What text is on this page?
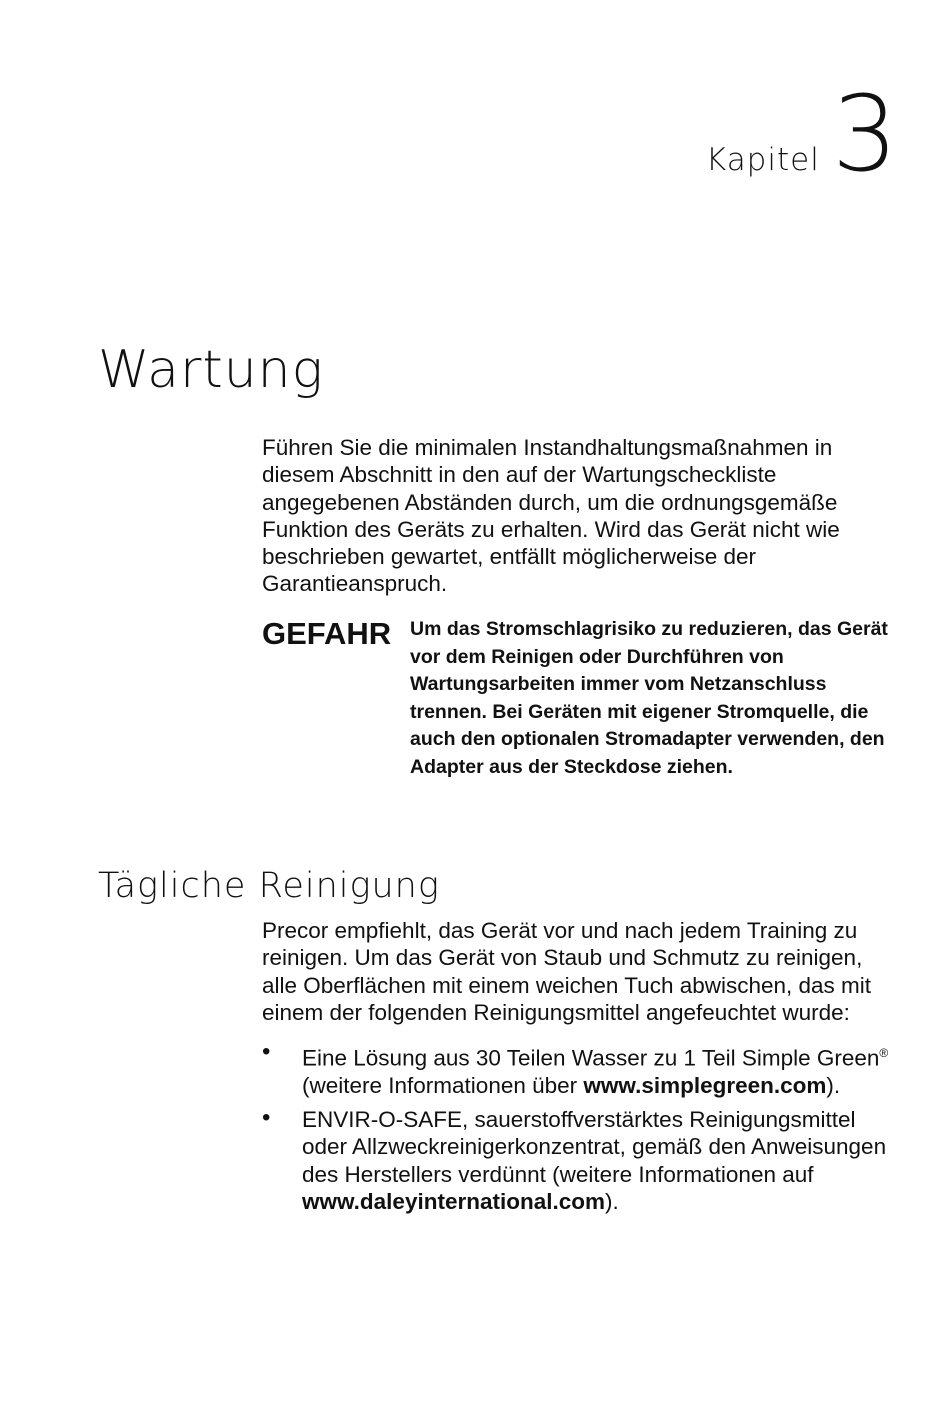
Kapitel 3
Wartung

Führen Sie die minimalen Instandhaltungsmaßnahmen in diesem Abschnitt in den auf der Wartungscheckliste angegebenen Abständen durch, um die ordnungsgemäße Funktion des Geräts zu erhalten. Wird das Gerät nicht wie beschrieben gewartet, entfällt möglicherweise der Garantieanspruch.

GEFAHR Um das Stromschlagrisiko zu reduzieren, das Gerät vor dem Reinigen oder Durchführen von Wartungsarbeiten immer vom Netzanschluss trennen. Bei Geräten mit eigener Stromquelle, die auch den optionalen Stromadapter verwenden, den Adapter aus der Steckdose ziehen.
Tägliche Reinigung

Precor empfiehlt, das Gerät vor und nach jedem Training zu reinigen. Um das Gerät von Staub und Schmutz zu reinigen, alle Oberflächen mit einem weichen Tuch abwischen, das mit einem der folgenden Reinigungsmittel angefeuchtet wurde:

• Eine Lösung aus 30 Teilen Wasser zu 1 Teil Simple Green® (weitere Informationen über www.simplegreen.com).
• ENVIR-O-SAFE, sauerstoffverstärktes Reinigungsmittel oder Allzweckreinigerkonzentrat, gemäß den Anweisungen des Herstellers verdünnt (weitere Informationen auf www.daleyinternational.com).
